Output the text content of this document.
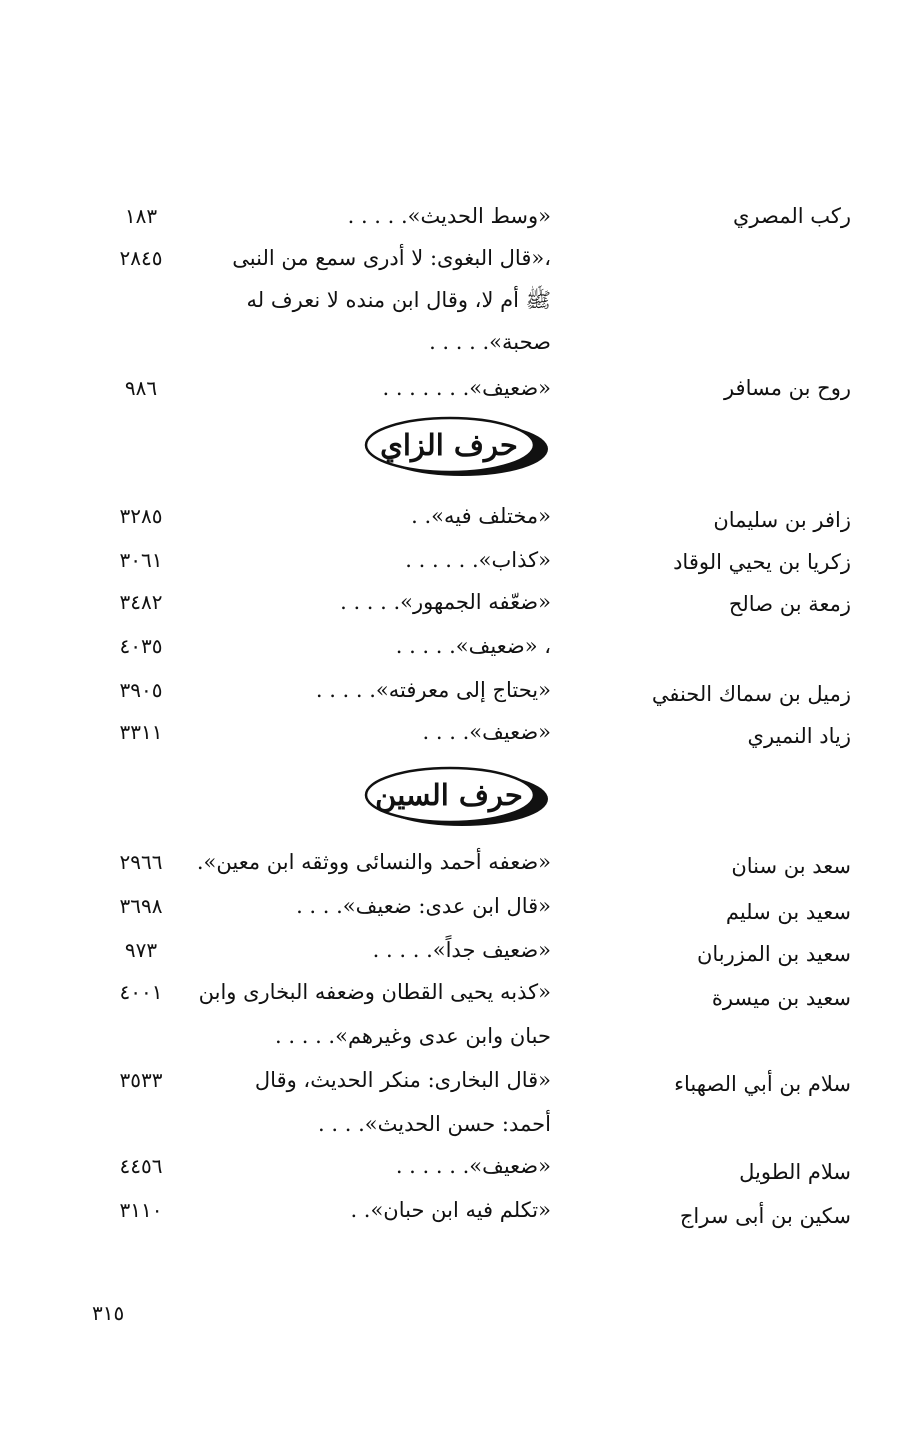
ركب المصري
«وسط الحديث». . . . .
١٨٣
،«قال البغوى: لا أدرى سمع من النبى
٢٨٤٥
ﷺ أم لا، وقال ابن منده لا نعرف له
صحبة». . . . .
روح بن مسافر
«ضعيف». . . . . . .
٩٨٦
حرف الزاي
زافر بن سليمان
«مختلف فيه». .
٣٢٨٥
زكريا بن يحيي الوقاد
«كذاب». . . . . .
٣٠٦١
زمعة بن صالح
«ضعّفه الجمهور». . . . .
٣٤٨٢
، «ضعيف». . . . .
٤٠٣٥
زميل بن سماك الحنفي
«يحتاج إلى معرفته». . . . .
٣٩٠٥
زياد النميري
«ضعيف». . . .
٣٣١١
حرف السين
سعد بن سنان
«ضعفه أحمد والنسائى ووثقه ابن معين».
٢٩٦٦
سعيد بن سليم
«قال ابن عدى: ضعيف». . . .
٣٦٩٨
سعيد بن المزربان
«ضعيف جداً». . . . .
٩٧٣
سعيد بن ميسرة
«كذبه يحيى القطان وضعفه البخارى وابن
٤٠٠١
حبان وابن عدى وغيرهم». . . . .
سلام بن أبي الصهباء
«قال البخارى: منكر الحديث، وقال
٣٥٣٣
أحمد: حسن الحديث». . . .
سلام الطويل
«ضعيف». . . . . .
٤٤٥٦
سكين بن أبى سراج
«تكلم فيه ابن حبان». .
٣١١٠
٣١٥
